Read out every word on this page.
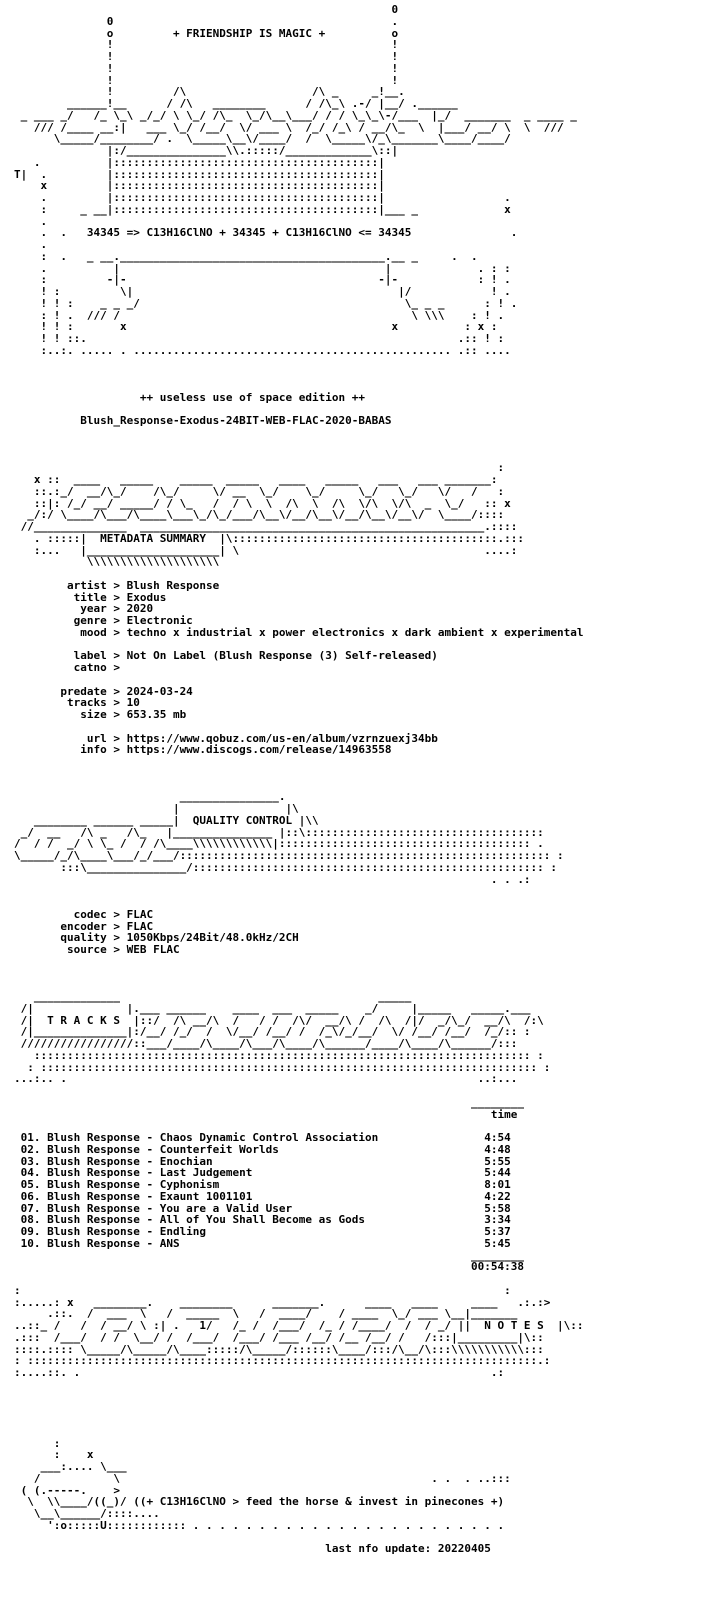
0
0                                          .
o         + FRIENDSHIP IS MAGIC +          o
!                                          !
!                                          !
!                                          !
!                                          !
!         /\                   /\ _     _!__.
______!__      / /\   ________      / /\_\ .-/ |__/ .______
_ ___ _/   /_ \_\ _/_/ \ \_/ /\_  \_/\__\___/ / / \_\_\-/___  |_/  _______  _ ____ _
/// /____ __:|   ___ \_/ /__/  \/ ___ \  /_/ /_\ / __/\_  \  |___/ __/ \  \  ///
\_____/________/ .  \_____\__\/____/  /  \_____\/_\_______\____/____/
|:/_______________\\.:::::/_____________\::|
.          |::::::::::::::::::::::::::::::::::::::::|
T|  .         |::::::::::::::::::::::::::::::::::::::::|
x         |::::::::::::::::::::::::::::::::::::::::|
.         |::::::::::::::::::::::::::::::::::::::::|                  .
:     _ __|::::::::::::::::::::::::::::::::::::::::|___ _             x
.
.  .   34345 => C13H16ClNO + 34345 + C13H16ClNO <= 34345               .
.
:  .   _ __.________________________________________.__ _     .  .
.          |                                        |             . : :
:         -|-                                      -|-            : ! .
! :         \|                                        |/            ! .
! ! :    _ _ _/                                        \_ _ _      : ! .
: ! .  /// /                                            \ \\\    : ! .
! ! :       x                                        x          : x :
! ! ::.                                                        .:: ! :
:..:. ..... . ................................................ .:: ....
++ useless use of space edition ++
Blush_Response-Exodus-24BIT-WEB-FLAC-2020-BABAS
:
x ::  ____   _____    _____  _____   ____   _____   ___   ___ _______:
::.:_/  __/\_/    /\_/     \/ __  \_/    \_/     \_/   \_/   \/   /   :
::|: /_/ __/ _____/ / \_   /  / \  \  /\  \  /\  \/\  \/\  _  \_/   :: x
_/:/ \____/\___/\____\___\_/\_/___/\__\/__/\__\/__/\__\/__\/  \____/::::
//______________  ____________________________________________________.::::
. :::::|  METADATA SUMMARY  |\::::::::::::::::::::::::::::::::::::::::.:::
:...   |____________________| \                                     ....:
\\\\\\\\\\\\\\\\\\\\
artist > Blush Response
title > Exodus
year > 2020
genre > Electronic
mood > techno x industrial x power electronics x dark ambient x experimental
label > Not On Label (Blush Response (3) Self-released)
catno >
predate > 2024-03-24
tracks > 10
size > 653.35 mb
url > https://www.qobuz.com/us-en/album/vzrnzuexj34bb
info > https://www.discogs.com/release/14963558
_______________.
|                |\
________ ______ _____|  QUALITY CONTROL |\\
_/  __   /\ _   /\_   |_______________ |::\::::::::::::::::::::::::::::::::::::
/  / /  _/ \ \_ /  / /\____\\\\\\\\\\\\|:::::::::::::::::::::::::::::::::::::: .
\_____/_/\____\___/_/___/:::::::::::::::::::::::::::::::::::::::::::::::::::::::: :
:::\_______________/::::::::::::::::::::::::::::::::::::::::::::::::::::: :
. . .:
codec > FLAC
encoder > FLAC
quality > 1050Kbps/24Bit/48.0kHz/2CH
source > WEB FLAC
_____________                                       _____
/|              |.___ ______    ____  ___  _____    _/     |_____   _____.___
/|  T R A C K S  |::/  /\ __/\  /   / /  /\/  __/\ /  /\  /|/  _/\_/  __/\  /:\
/|______________|:/__/ /_/  /  \/__/ /__/ /  /_\/_/__/  \/ /__/ /__/  /_/:: :
/////////////////::___/____/\____/\___/\____/\______/____/\____/\______/:::
::::::::::::::::::::::::::::::::::::::::::::::::::::::::::::::::::::::::::: :
: ::::::::::::::::::::::::::::::::::::::::::::::::::::::::::::::::::::::::::: :
...:.. .                                                              ..:...
________
time
01. Blush Response - Chaos Dynamic Control Association                4:54
02. Blush Response - Counterfeit Worlds                               4:48
03. Blush Response - Enochian                                         5:55
04. Blush Response - Last Judgement                                   5:44
05. Blush Response - Cyphonism                                        8:01
06. Blush Response - Exaunt 1001101                                   4:22
07. Blush Response - You are a Valid User                             5:58
08. Blush Response - All of You Shall Become as Gods                  3:34
09. Blush Response - Endling                                          5:37
10. Blush Response - ANS                                              5:45
________
00:54:38
:                                                                         :
:.....: x   ________.    ________      _______.      ____   ____     ____   .:.:>
.::.  /  ___  \   /  _____  \   /  ____/    / ____  \_/ ___ \__|_______
..::_ /   /  / __/ \ :| .   1/   /_ /  /___/  /_ / /____/  /  / _/ ||  N O T E S  |\::
.:::  /___/  / /  \__/ /  /___/  /___/ /___ /__/ /__ /__/ /   /:::|_________|\::
::::.:::: \_____/\_____/\____:::::/\_____/::::::\____/:::/\__/\:::\\\\\\\\\\\:::
: :::::::::::::::::::::::::::::::::::::::::::::::::::::::::::::::::::::::::::::.:
:....::. .                                                              .:
:
:    x
___:.... \___
/           \                                               . .  . ..:::
( (.-----.    >
\  \\____/((_)/ ((+ C13H16ClNO > feed the horse & invest in pinecones +)
\__\______/::::....
':o:::::U:::::::::::: . . . . . . . . . . . . . . . . . . . . . . . .
last nfo update: 20220405
